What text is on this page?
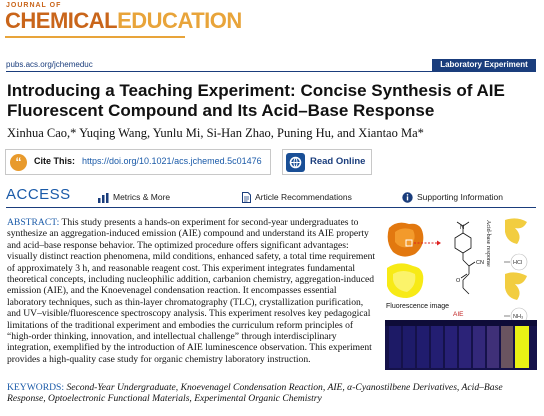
JOURNAL OF
CHEMICALEDUCATION
pubs.acs.org/jchemeduc	Laboratory Experiment
Introducing a Teaching Experiment: Concise Synthesis of AIE Fluorescent Compound and Its Acid–Base Response
Xinhua Cao,* Yuqing Wang, Yunlu Mi, Si-Han Zhao, Puning Hu, and Xiantao Ma*
“	Cite This: https://doi.org/10.1021/acs.jchemed.5c01476	Read Online
ACCESS	Metrics & More	Article Recommendations	Supporting Information
ABSTRACT: This study presents a hands-on experiment for second-year undergraduates to synthesize an aggregation-induced emission (AIE) compound and understand its AIE property and acid–base response behavior. The optimized procedure offers significant advantages: visually distinct reaction phenomena, mild conditions, enhanced safety, a total time requirement of approximately 3 h, and reasonable reagent cost. This experiment integrates fundamental theoretical concepts, including nucleophilic addition, carbanion chemistry, aggregation-induced emission (AIE), and the Knoevenagel condensation reaction. It encompasses essential laboratory techniques, such as thin-layer chromatography (TLC), crystallization purification, and UV–visible/fluorescence spectroscopy analysis. This experiment resolves key pedagogical limitations of the traditional experiment and embodies the curriculum reform principles of “high-order thinking, innovation, and intellectual challenge” through interdisciplinary integration, exemplified by the introduction of AIE luminescence observation. This experiment provides a high-quality case study for organic chemistry laboratory instruction.
Fluorescence image
N
CN
O
Acid-base response	HCl
NH₃
AIE
KEYWORDS: Second-Year Undergraduate, Knoevenagel Condensation Reaction, AIE, α-Cyanostilbene Derivatives, Acid–Base Response, Optoelectronic Functional Materials, Experimental Organic Chemistry
